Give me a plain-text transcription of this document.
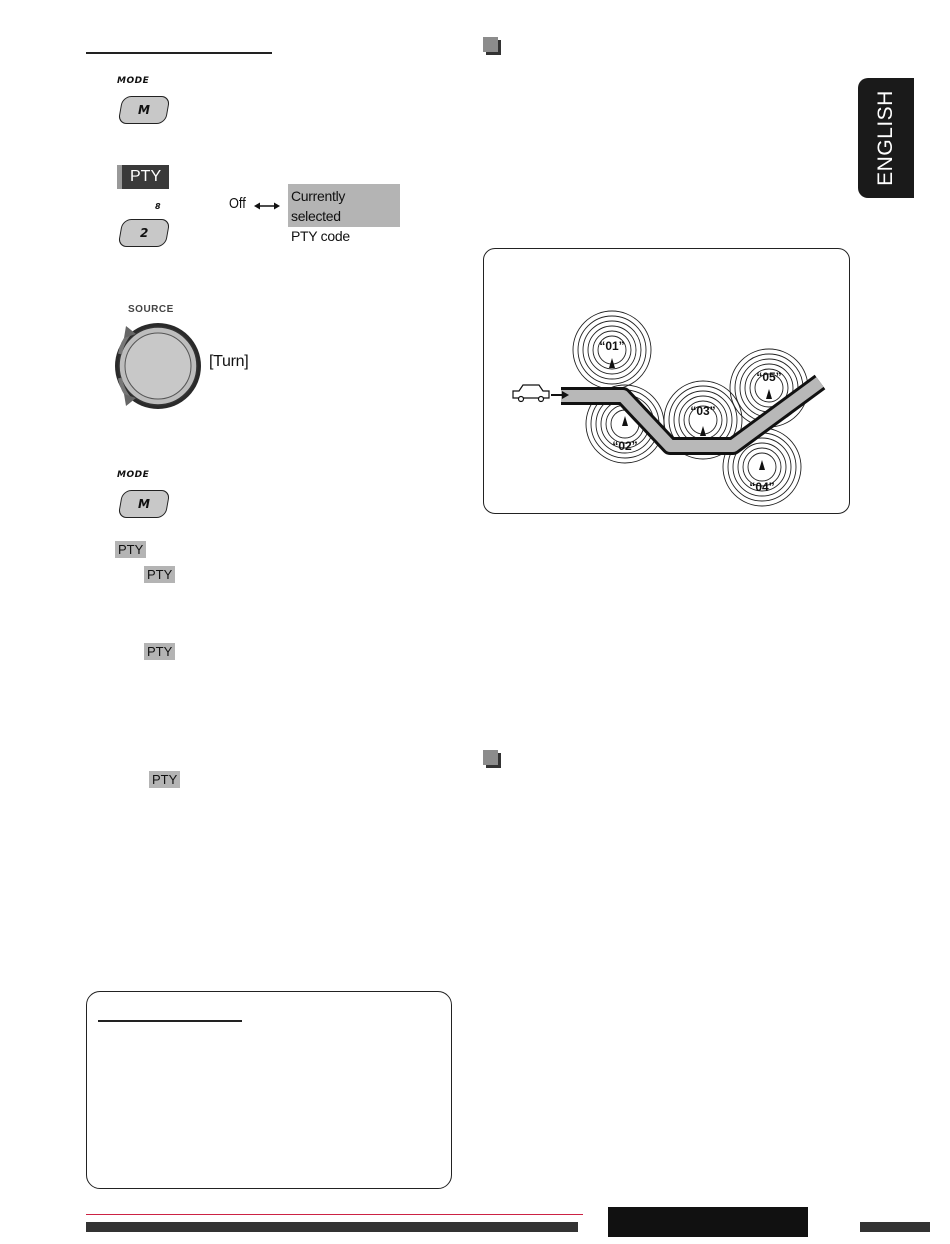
MODE
M
PTY
8
2
Off	Currently selected
PTY code
SOURCE
[Turn]
MODE
M
PTY
PTY
PTY
PTY
ENGLISH
“01”
“02”
“03”
“04”
“05”
